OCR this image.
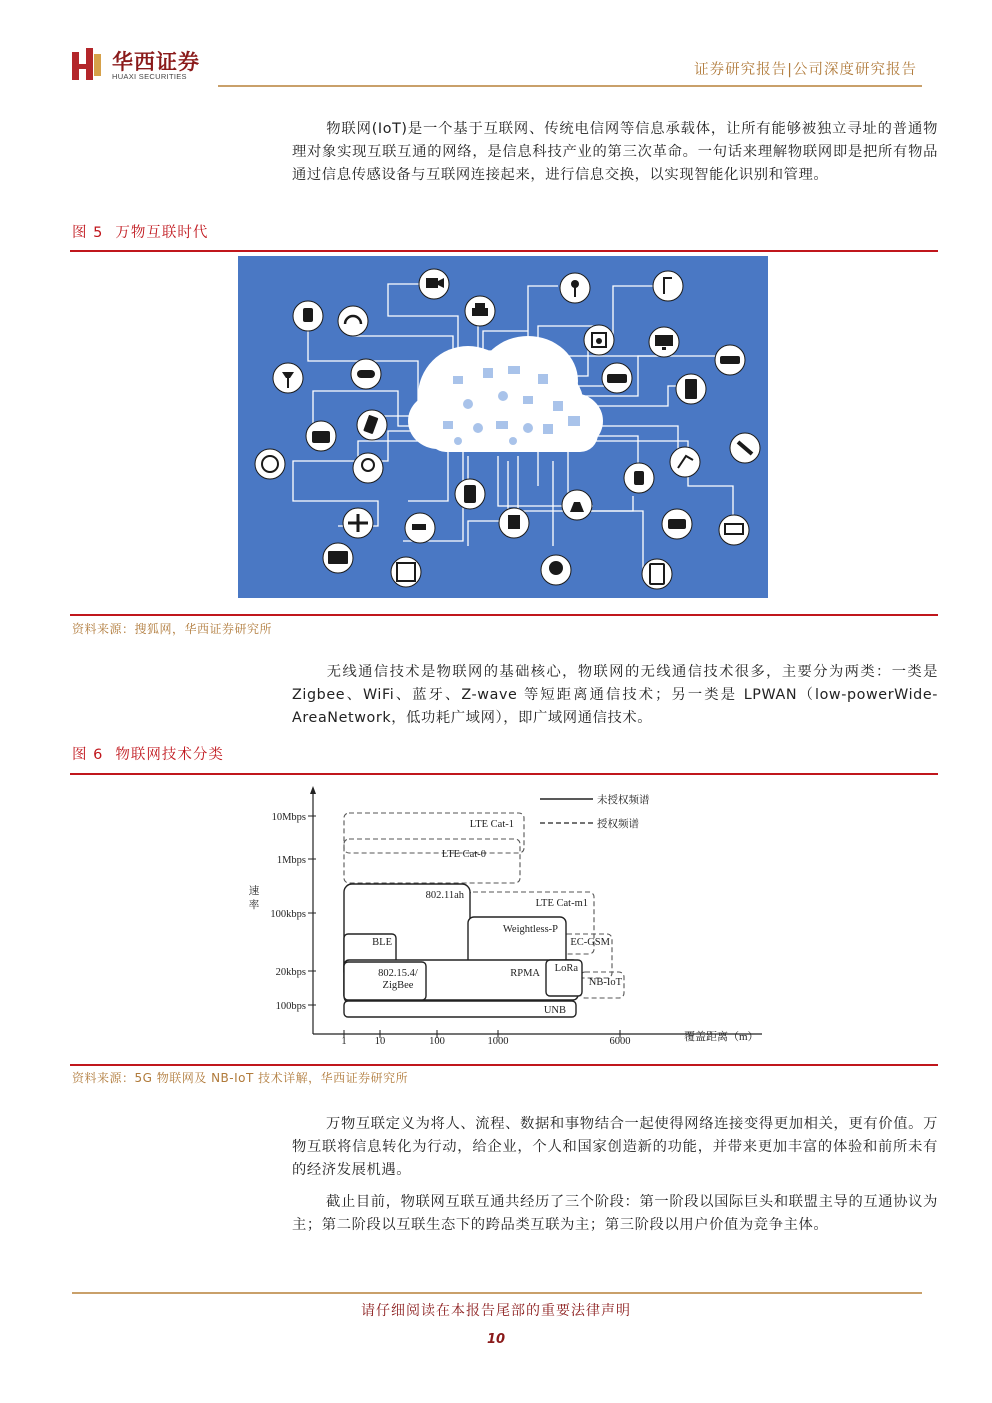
华西证券
HUAXI SECURITIES	证券研究报告|公司深度研究报告
物联网(IoT)是一个基于互联网、传统电信网等信息承载体，让所有能够被独立寻址的普通物理对象实现互联互通的网络，是信息科技产业的第三次革命。一句话来理解物联网即是把所有物品通过信息传感设备与互联网连接起来，进行信息交换，以实现智能化识别和管理。
图 5 万物互联时代
资料来源：搜狐网，华西证券研究所
无线通信技术是物联网的基础核心，物联网的无线通信技术很多，主要分为两类：一类是 Zigbee、WiFi、蓝牙、Z-wave 等短距离通信技术；另一类是 LPWAN（low-powerWide-AreaNetwork，低功耗广域网），即广域网通信技术。
图 6 物联网技术分类
10Mbps
1Mbps
100kbps
20kbps
100bps
1	10	100	1000	6000	覆盖距离（m）
未授权频谱
授权频谱
LTE Cat-1
LTE Cat-0
802.11ah
LTE Cat-m1
Weightless-P
BLE	EC-GSM
802.15.4/
ZigBee
RPMA LoRa
NB-IoT
UNB
速
率
资料来源：5G 物联网及 NB-IoT 技术详解，华西证券研究所
万物互联定义为将人、流程、数据和事物结合一起使得网络连接变得更加相关，更有价值。万物互联将信息转化为行动，给企业，个人和国家创造新的功能，并带来更加丰富的体验和前所未有的经济发展机遇。
截止目前，物联网互联互通共经历了三个阶段：第一阶段以国际巨头和联盟主导的互通协议为主；第二阶段以互联生态下的跨品类互联为主；第三阶段以用户价值为竞争主体。
请仔细阅读在本报告尾部的重要法律声明
10
